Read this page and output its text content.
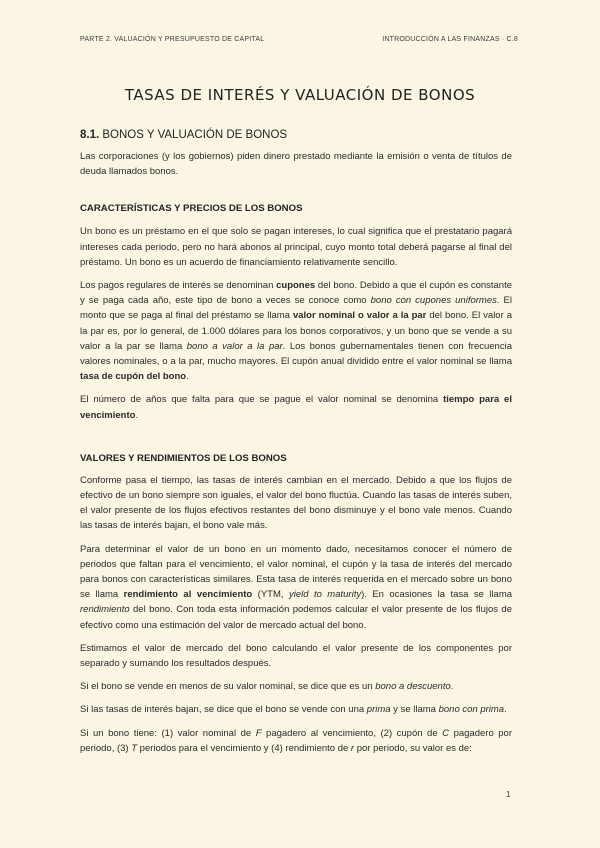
PARTE 2. VALUACIÓN Y PRESUPUESTO DE CAPITAL	INTRODUCCIÓN A LAS FINANZAS · C.8
TASAS DE INTERÉS Y VALUACIÓN DE BONOS
8.1. BONOS Y VALUACIÓN DE BONOS

Las corporaciones (y los gobiernos) piden dinero prestado mediante la emisión o venta de títulos de deuda llamados bonos.

CARACTERÍSTICAS Y PRECIOS DE LOS BONOS

Un bono es un préstamo en el que solo se pagan intereses, lo cual significa que el prestatario pagará intereses cada periodo, pero no hará abonos al principal, cuyo monto total deberá pagarse al final del préstamo. Un bono es un acuerdo de financiamiento relativamente sencillo.

Los pagos regulares de interés se denominan cupones del bono. Debido a que el cupón es constante y se paga cada año, este tipo de bono a veces se conoce como bono con cupones uniformes. El monto que se paga al final del préstamo se llama valor nominal o valor a la par del bono. El valor a la par es, por lo general, de 1.000 dólares para los bonos corporativos, y un bono que se vende a su valor a la par se llama bono a valor a la par. Los bonos gubernamentales tienen con frecuencia valores nominales, o a la par, mucho mayores. El cupón anual dividido entre el valor nominal se llama tasa de cupón del bono.

El número de años que falta para que se pague el valor nominal se denomina tiempo para el vencimiento.

VALORES Y RENDIMIENTOS DE LOS BONOS

Conforme pasa el tiempo, las tasas de interés cambian en el mercado. Debido a que los flujos de efectivo de un bono siempre son iguales, el valor del bono fluctúa. Cuando las tasas de interés suben, el valor presente de los flujos efectivos restantes del bono disminuye y el bono vale menos. Cuando las tasas de interés bajan, el bono vale más.

Para determinar el valor de un bono en un momento dado, necesitamos conocer el número de periodos que faltan para el vencimiento, el valor nominal, el cupón y la tasa de interés del mercado para bonos con características similares. Esta tasa de interés requerida en el mercado sobre un bono se llama rendimiento al vencimiento (YTM, yield to maturity). En ocasiones la tasa se llama rendimiento del bono. Con toda esta información podemos calcular el valor presente de los flujos de efectivo como una estimación del valor de mercado actual del bono.

Estimamos el valor de mercado del bono calculando el valor presente de los componentes por separado y sumando los resultados después.

Si el bono se vende en menos de su valor nominal, se dice que es un bono a descuento.

Si las tasas de interés bajan, se dice que el bono se vende con una prima y se llama bono con prima.

Si un bono tiene: (1) valor nominal de F pagadero al vencimiento, (2) cupón de C pagadero por periodo, (3) T periodos para el vencimiento y (4) rendimiento de r por periodo, su valor es de:

1
